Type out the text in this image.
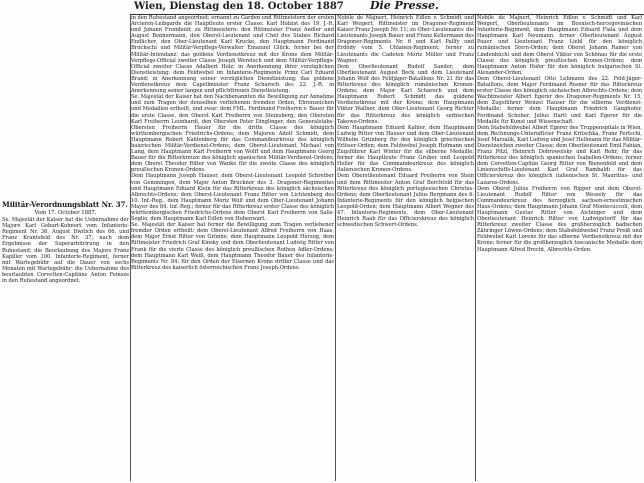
Wien, Dienstag den 18. October 1887 Die Presse.
Militär-Verordnungsblatt Nr. 37.
Vom 17. October 1887.

Se. Majestät der Kaiser hat die Uebernahme der Majore Karl Gobart-Kohnert vom Infanterie-Regiment Nr. 36, August Dwitich des 66. und Franz Krantsfeld des Nr. 37, nach dem Ergebnisse der Superarbitrirung in den Ruhestand; die Beurlaubung des Majors Franz Kapiller vom 100. Infanterie-Regiment, ferner mit Wartegebühr auf die Dauer von sechs Monaten mit Wartegebühr; die Uebernahme des beurlaubten Corvetten-Capitäns Anton Feinsze in den Ruhestand angeordnet.

in den Ruhestand angeordnet; ernannt zu Garden und Rittmeistern der ersten Arcieren-Leibgarde die Hauptleute erster Classe: Karl Holzist des 19. J.-R. und Johann Fromhold; zu Rittmeistern: den Rittmeister Franz Andler und August Bennermann, den Oberst-Lieutenant und Chef des Stabes Richard Endlicher, den Ober-Lieutenant Karl Krucke, den Hauptmann Ferdinand Bruckschi und Militär-Verpflegs-Verwalter Emanuel Glück; ferner bei der Militär-Intendanz: das goldene Verdienstkreuz mit der Krone dem Militär-Verpflegs-Official zweiter Classe Joseph Weretsch und dem Militär-Verpflegs-Official zweiter Classe Adalbert Holz; in Anerkennung ihrer vorzüglichen Dienstleistung; dem Feldwebel im Infanterie-Regimente Prinz Carl Eduard Brand; in Anerkennung seiner vorzüglichen Dienstleistung; das goldene Verdienstkreuz dem Capellmeister Franz Scharoch des 22. J.-R. in Anerkennung seiner langen und pflichttreuen Dienstleistung.

Se. Majestät der Kaiser hat den Nachbenannten die Bewilligung zur Annahme und zum Tragen der denselben verliehenen fremden Orden, Ehrenzeichen und Medaillen ertheilt, und zwar: dem FML. Ferdinand Freiherrn v. Bauer für die erste Classe, den Oberst Karl Freiherrn von Steinsberg, den Obersten Karl Freiherrn Leonhardi, den Obersten Peter Dinglinger, den Generalstabs-Obersten Freiherrn Hauer für die dritte Classe des königlich württembergischen Friedrichs-Ordens; dem Majoren Adolf Schmidt, dem Hauptmann Robert Kahlenberg für das Commandeurkreuz des königlich baierischen Militär-Verdienst-Ordens; dem Oberst-Lieutenant Michael von Lang, dem Hauptmann Karl Freiherrn von Wolff und dem Hauptmann Georg Bauer für die Ritterkreuze des königlich spanischen Militär-Verdienst-Ordens; dem Oberst Theodor Ritter von Wanke für die zweite Classe des königlich preußischen Kronen-Ordens.

Dem Hauptmann Joseph Hauser, dem Oberst-Lieutenant Leopold Schreiber von Gemmingen, dem Major Anton Bruckner des 3. Dragoner-Regimentes und Hauptmann Eduard Klein für das Ritterkreuz des königlich sächsischen Albrechts-Ordens; dem Oberst-Lieutenant Franz Ritter von Lichtenberg des 10. Inf.-Reg., dem Hauptmann Moriz Wolf und dem Ober-Lieutenant Johann Mayer des 84. Inf.-Reg.; ferner für das Ritterkreuz erster Classe des königlich württembergischen Friedrichs-Ordens dem Oberst Karl Freiherrn von Salis-Soglio, dem Hauptmann Karl Edlen von Hohenwart.

Se. Majestät der Kaiser hat ferner die Bewilligung zum Tragen verliehener fremder Orden ertheilt: dem Oberst-Lieutenant Alfred Freiherrn von Haas, dem Major Ernst Ritter von Grünne, dem Hauptmann Leopold Herzog, dem Rittmeister Friedrich Graf Kinsky und dem Oberlieutenant Ludwig Ritter von Frank für die vierte Classe des königlich preußischen Rothen Adler-Ordens; dem Hauptmann Karl Weiß, dem Hauptmann Theodor Bauer des Infanterie-Regiments Nr. 84; für den Orden der Eisernen Krone dritter Classe und das Ritterkreuz des kaiserlich österreichischen Franz Joseph-Ordens.

Nobile de Majnert, Heinrich Edlen v. Schmidt und Karl Weigert, Rittmeister im Dragoner-Regiment Kaiser Franz Joseph Nr. 11; zu Ober-Lieutenants: die Lieutenants Joseph Bauer und Franz Kellermann des Dragoner-Regiments Nr. 6 und Karl Pallfy und Erdödy vom 5. Uhlanen-Regiment; ferner zu Lieutenants die Cadeten Moriz Müller und Franz Wagner.

Dem Oberlieutenant Rudolf Sander, dem Oberlieutenant August Beck und dem Lieutenant Johann Wolf des Feldjäger-Bataillons Nr. 21 für das Ritterkreuz des königlich rumänischen Kronen-Ordens; dem Major Karl Scharoch und dem Hauptmann Robert Schmidt das goldene Verdienstkreuz mit der Krone; dem Hauptmann Viktor Wallner, dem Ober-Lieutenant Georg Richter für das Ritterkreuz des königlich serbischen Takowo-Ordens.

Dem Hauptmann Eduard Kahler, dem Hauptmann Ludwig Ritter von Hauser und dem Ober-Lieutenant Wilhelm Grünberg für den königlich griechischen Erlöser-Orden; dem Feldwebel Joseph Hofmann und Zugsführer Karl Winter für die silberne Medaille; ferner die Hauptleute Franz Gruber und Leopold Heller für das Commandeurkreuz des königlich italienischen Kronen-Ordens.

Dem Oberstlieutenant Eduard Freiherrn von Stein und dem Rittmeister Anton Graf Berchtold für das Ritterkreuz des königlich portugiesischen Christus-Ordens; dem Oberlieutenant Julius Bergmann des 6. Infanterie-Regiments für den königlich belgischen Leopold-Orden; dem Hauptmann Albert Wegner des 47. Infanterie-Regiments, dem Ober-Lieutenant Heinrich Raab für das Officierskreuz des königlich schwedischen Schwert-Ordens.

Nobile de Majnert, Heinrich Edlen v. Schmidt und Karl Weigert, Oberlieutenants im Bosnisch-hercegovinischen Infanterie-Regiment, dem Hauptmann Eduard Fiala und dem Hauptmann Karl Neumann, ferner Oberlieutenant August Pauer und Lieutenant Franz Liebl für den königlich rumänischen Stern-Orden; dem Oberst Johann Rainer von Lindenbüchl und dem Oberst Viktor von Schönau für die erste Classe des königlich preußischen Kronen-Ordens; dem Hauptmann Anton Hofer für den königlich bulgarischen St. Alexander-Orden.

Dem Oberst-Lieutenant Otto Lehmann des 22. Feld-Jäger-Bataillons, dem Major Ferdinand Rosner für das Ritterkreuz erster Classe des königlich sächsischen Albrechts-Ordens; dem Wachtmeister Albert Egerer des Dragoner-Regiments Nr. 15, dem Zugsführer Wenzel Hauser für die silberne Verdienst-Medaille; ferner dem Hauptmann Friedrich Ganghofer, Ferdinand Schober, Julius Hartl und Karl Egerer für die Medaille für Kunst und Wissenschaft.

Dem Stabsfeldwebel Albert Egerer des Truppenspitals in Wien, dem Rechnungs-Unterofficier Franz Kritschka, Franz Fertschi, Josef Marzalik, Karl Ludwig und Josef Hellmann für das Militär-Dienstzeichen zweiter Classe; dem Oberlieutenant Emil Fabian, Franz Pitzl, Heinrich Dobrowolsky und Karl Rohr, für das Ritterkreuz des königlich spanischen Isabellen-Ordens; ferner dem Corvetten-Capitän Georg Ritter von Bienenfeld und dem Linienschiffs-Lieutenant Karl Graf Rambaldi für das Officierskreuz des königlich italienischen St. Mauritius- und Lazarus-Ordens.

Dem Oberst Julius Freiherrn von Ripper und dem Oberst-Lieutenant Rudolf Ritter von Wessely für das Commandeurkreuz des herzoglich sachsen-ernestinischen Haus-Ordens; dem Hauptmann Johann Graf Montecuccoli, dem Hauptmann Gustav Ritter von Aichinger und dem Oberlieutenant Heinrich Ritter von Ludwigstorff für das Ritterkreuz zweiter Classe des großherzoglich badischen Zähringer Löwen-Ordens; dem Stabsfeldwebel Franz Preiß und Feldwebel Karl Lorenz für das silberne Verdienstkreuz mit der Krone; ferner für die großherzoglich toscanische Medaille dem Hauptmann Alfred Brecht, Albrechts-Orden.
